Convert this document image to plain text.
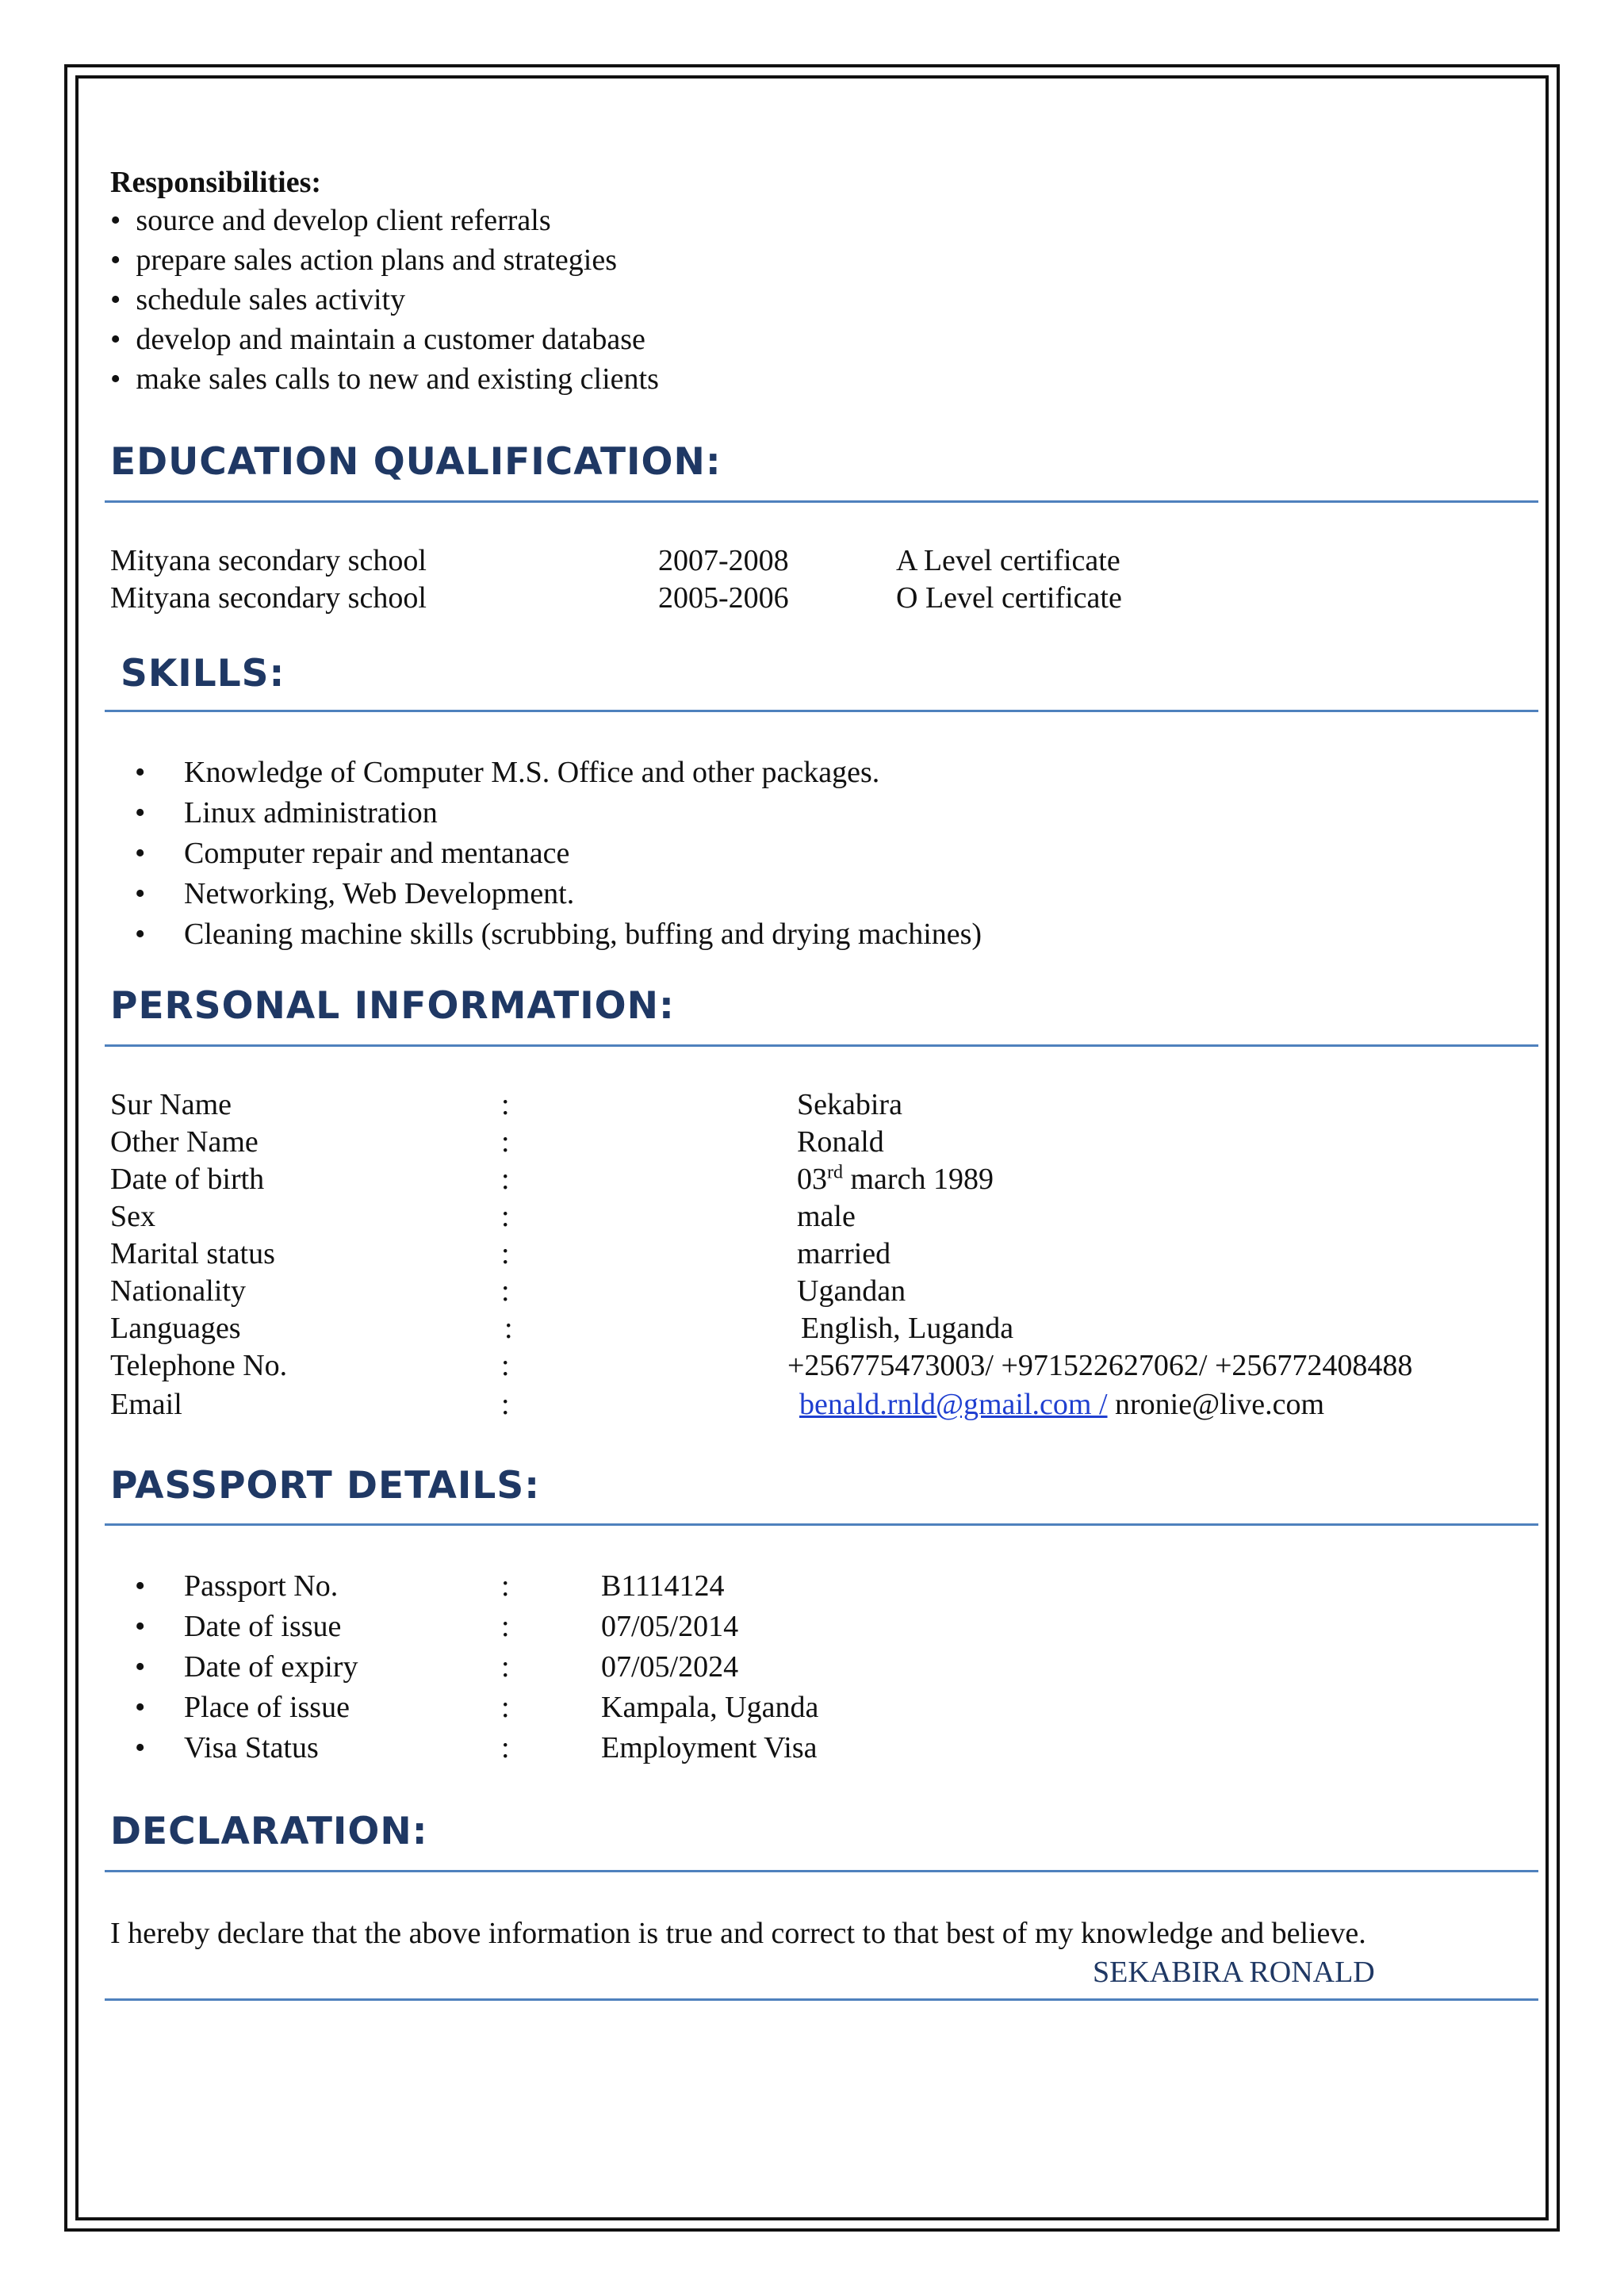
Responsibilities:
• source and develop client referrals
• prepare sales action plans and strategies
• schedule sales activity
• develop and maintain a customer database
• make sales calls to new and existing clients
EDUCATION QUALIFICATION:
Mityana secondary school	2007-2008	A Level certificate
Mityana secondary school	2005-2006	O Level certificate
SKILLS:
• Knowledge of Computer M.S. Office and other packages.
• Linux administration
• Computer repair and mentanace
• Networking, Web Development.
• Cleaning machine skills (scrubbing, buffing and drying machines)
PERSONAL INFORMATION:
Sur Name	:	Sekabira
Other Name	:	Ronald
Date of birth	:	03rd march 1989
Sex	:	male
Marital status	:	married
Nationality	:	Ugandan
Languages	:	English, Luganda
Telephone No.	:	+256775473003/ +971522627062/ +256772408488
Email	:	benald.rnld@gmail.com / nronie@live.com
PASSPORT DETAILS:
• Passport No.	:	B1114124
• Date of issue	:	07/05/2014
• Date of expiry	:	07/05/2024
• Place of issue	:	Kampala, Uganda
• Visa Status	:	Employment Visa
DECLARATION:
I hereby declare that the above information is true and correct to that best of my knowledge and believe.
SEKABIRA RONALD
